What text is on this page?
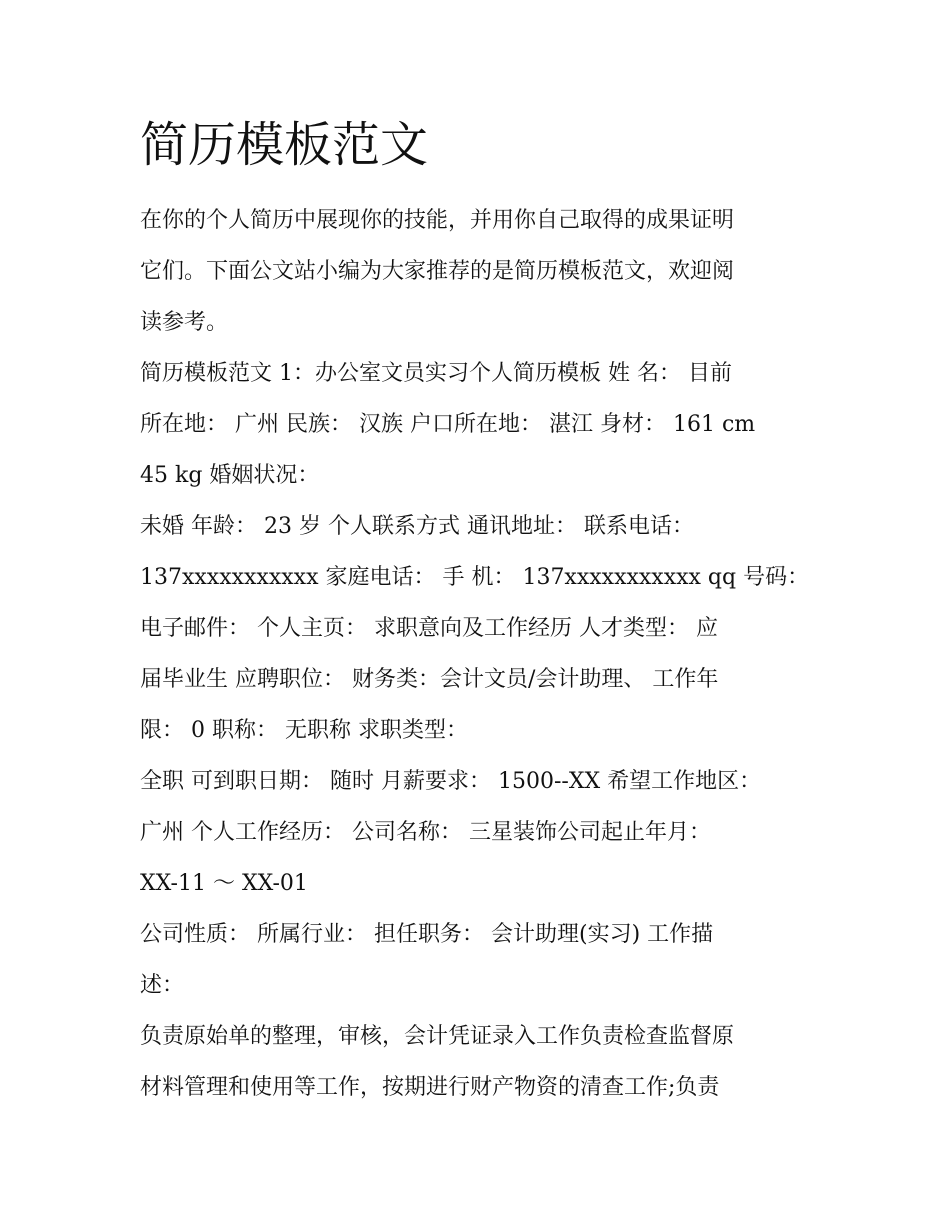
简历模板范文

在你的个人简历中展现你的技能，并用你自己取得的成果证明

它们。下面公文站小编为大家推荐的是简历模板范文，欢迎阅

读参考。

简历模板范文 1：办公室文员实习个人简历模板 姓 名： 目前

所在地： 广州 民族： 汉族 户口所在地： 湛江 身材： 161 cm

45 kg 婚姻状况：

未婚 年龄： 23 岁 个人联系方式 通讯地址： 联系电话：

137xxxxxxxxxxx 家庭电话： 手 机： 137xxxxxxxxxxx qq 号码：

电子邮件： 个人主页： 求职意向及工作经历 人才类型： 应

届毕业生 应聘职位： 财务类：会计文员/会计助理、 工作年

限： 0 职称： 无职称 求职类型：

全职 可到职日期： 随时 月薪要求： 1500--XX 希望工作地区：

广州 个人工作经历： 公司名称： 三星装饰公司起止年月：

XX-11 ～ XX-01

公司性质： 所属行业： 担任职务： 会计助理(实习) 工作描

述：

负责原始单的整理，审核，会计凭证录入工作负责检查监督原

材料管理和使用等工作，按期进行财产物资的清查工作;负责
